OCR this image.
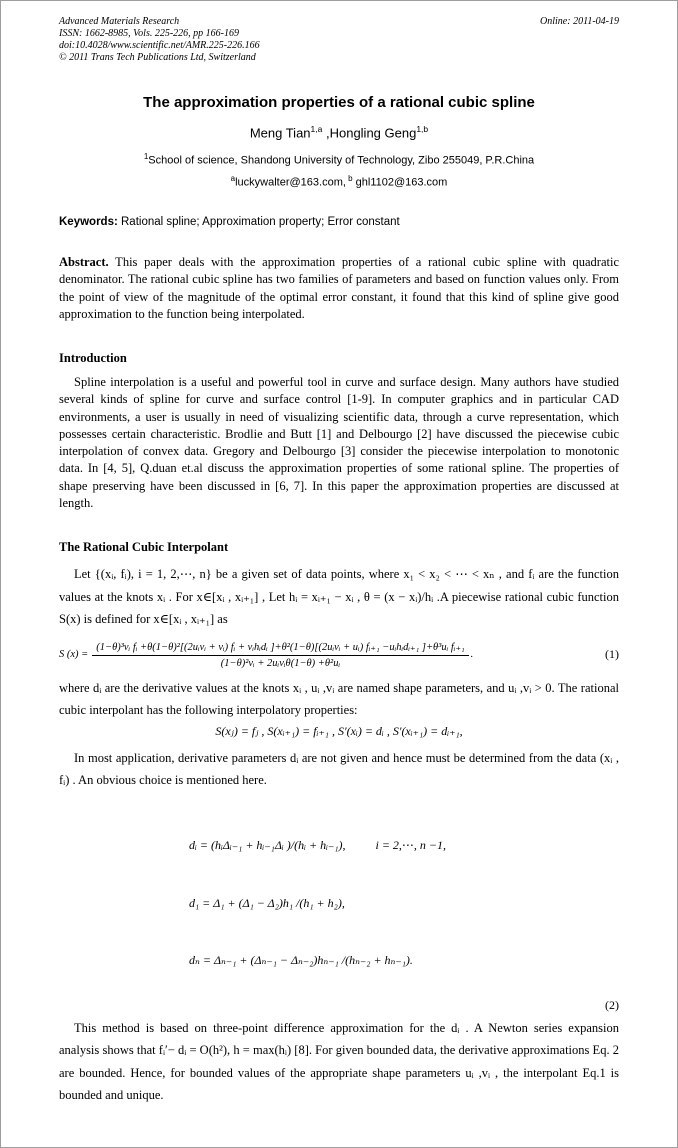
Advanced Materials Research
ISSN: 1662-8985, Vols. 225-226, pp 166-169
doi:10.4028/www.scientific.net/AMR.225-226.166
© 2011 Trans Tech Publications Ltd, Switzerland
Online: 2011-04-19
The approximation properties of a rational cubic spline
Meng Tian$^{1,a}$ ,Hongling Geng$^{1,b}$
$^1$School of science, Shandong University of Technology, Zibo 255049, P.R.China
$^a$luckywalter@163.com, $^b$ ghl1102@163.com

Keywords: Rational spline; Approximation property; Error constant

Abstract. This paper deals with the approximation properties of a rational cubic spline with quadratic denominator. The rational cubic spline has two families of parameters and based on function values only. From the point of view of the magnitude of the optimal error constant, it found that this kind of spline give good approximation to the function being interpolated.

Introduction

Spline interpolation is a useful and powerful tool in curve and surface design. Many authors have studied several kinds of spline for curve and surface control [1-9]. In computer graphics and in particular CAD environments, a user is usually in need of visualizing scientific data, through a curve representation, which possesses certain characteristic. Brodlie and Butt [1] and Delbourgo [2] have discussed the piecewise cubic interpolation of convex data. Gregory and Delbourgo [3] consider the piecewise interpolation to monotonic data. In [4, 5], Q.duan et.al discuss the approximation properties of some rational spline. The properties of shape preserving have been discussed in [6, 7]. In this paper the approximation properties are discussed at length.

The Rational Cubic Interpolant

Let {(xᵢ, fᵢ), i = 1, 2,⋯, n} be a given set of data points, where x₁ < x₂ < ⋯ < xₙ , and fᵢ are the function values at the knots xᵢ . For x∈[xᵢ , xᵢ₊₁] , Let hᵢ = xᵢ₊₁ − xᵢ , θ = (x − xᵢ)/hᵢ .A piecewise rational cubic function S(x) is defined for x∈[xᵢ , xᵢ₊₁] as

S (x) =
(1−θ)³vᵢ fᵢ +θ(1−θ)²[(2uᵢvᵢ + vᵢ) fᵢ + vᵢhᵢdᵢ ]+θ²(1−θ)[(2uᵢvᵢ + uᵢ) fᵢ₊₁ −uᵢhᵢdᵢ₊₁ ]+θ³uᵢ fᵢ₊₁
(1−θ)²vᵢ + 2uᵢvᵢθ(1−θ) +θ²uᵢ
.	(1)

where dᵢ are the derivative values at the knots xᵢ , uᵢ ,vᵢ are named shape parameters, and uᵢ ,vᵢ > 0. The rational cubic interpolant has the following interpolatory properties:

S(xⱼ) = fⱼ , S(xᵢ₊₁) = fᵢ₊₁ , S′(xᵢ) = dᵢ , S′(xᵢ₊₁) = dᵢ₊₁,

In most application, derivative parameters dᵢ are not given and hence must be determined from the data (xᵢ , fᵢ) . An obvious choice is mentioned here.

dᵢ = (hᵢΔᵢ₋₁ + hᵢ₋₁Δᵢ )/(hᵢ + hᵢ₋₁),          i = 2,⋯, n −1,

d₁ = Δ₁ + (Δ₁ − Δ₂)h₁ /(h₁ + h₂),

dₙ = Δₙ₋₁ + (Δₙ₋₁ − Δₙ₋₂)hₙ₋₁ /(hₙ₋₂ + hₙ₋₁).

(2)

This method is based on three-point difference approximation for the dᵢ . A Newton series expansion analysis shows that fᵢ′− dᵢ = O(h²), h = max(hᵢ) [8]. For given bounded data, the derivative approximations Eq. 2 are bounded. Hence, for bounded values of the appropriate shape parameters uᵢ ,vᵢ , the interpolant Eq.1 is bounded and unique.
